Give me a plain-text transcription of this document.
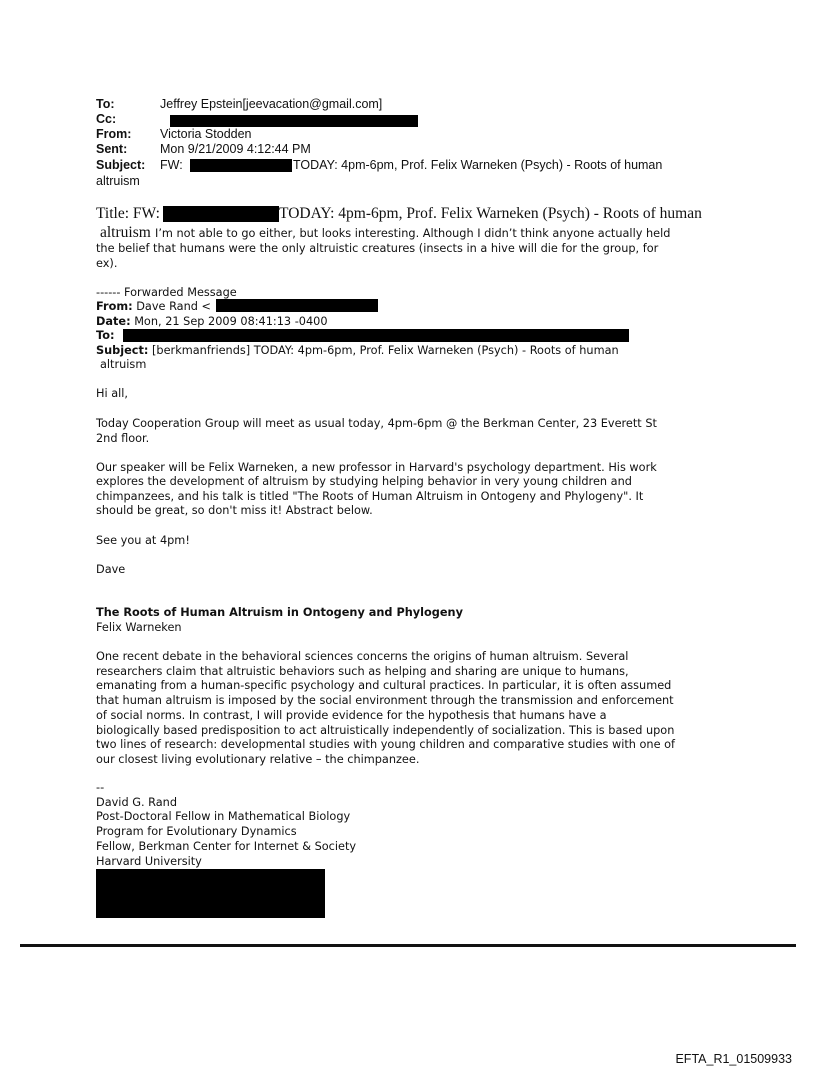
To:	Jeffrey Epstein[jeevacation@gmail.com]
Cc:
From: Victoria Stodden
Sent:	Mon 9/21/2009 4:12:44 PM
Subject: FW:	TODAY: 4pm-6pm, Prof. Felix Warneken (Psych) - Roots of human
altruism
Title: FW:	TODAY: 4pm-6pm, Prof. Felix Warneken (Psych) - Roots of human
altruism I’m not able to go either, but looks interesting. Although I didn’t think anyone actually held
the belief that humans were the only altruistic creatures (insects in a hive will die for the group, for
ex).
------ Forwarded Message
From: Dave Rand <
Date: Mon, 21 Sep 2009 08:41:13 -0400
To:
Subject: [berkmanfriends] TODAY: 4pm-6pm, Prof. Felix Warneken (Psych) - Roots of human
altruism
Hi all,
Today Cooperation Group will meet as usual today, 4pm-6pm @ the Berkman Center, 23 Everett St
2nd floor.
Our speaker will be Felix Warneken, a new professor in Harvard's psychology department. His work
explores the development of altruism by studying helping behavior in very young children and
chimpanzees, and his talk is titled "The Roots of Human Altruism in Ontogeny and Phylogeny". It
should be great, so don't miss it! Abstract below.
See you at 4pm!
Dave
The Roots of Human Altruism in Ontogeny and Phylogeny
Felix Warneken

One recent debate in the behavioral sciences concerns the origins of human altruism. Several

researchers claim that altruistic behaviors such as helping and sharing are unique to humans,

emanating from a human-specific psychology and cultural practices. In particular, it is often assumed

that human altruism is imposed by the social environment through the transmission and enforcement

of social norms. In contrast, I will provide evidence for the hypothesis that humans have a

biologically based predisposition to act altruistically independently of socialization. This is based upon

two lines of research: developmental studies with young children and comparative studies with one of

our closest living evolutionary relative – the chimpanzee.

--

David G. Rand

Post-Doctoral Fellow in Mathematical Biology

Program for Evolutionary Dynamics

Fellow, Berkman Center for Internet & Society

Harvard University

EFTA_R1_01509933
